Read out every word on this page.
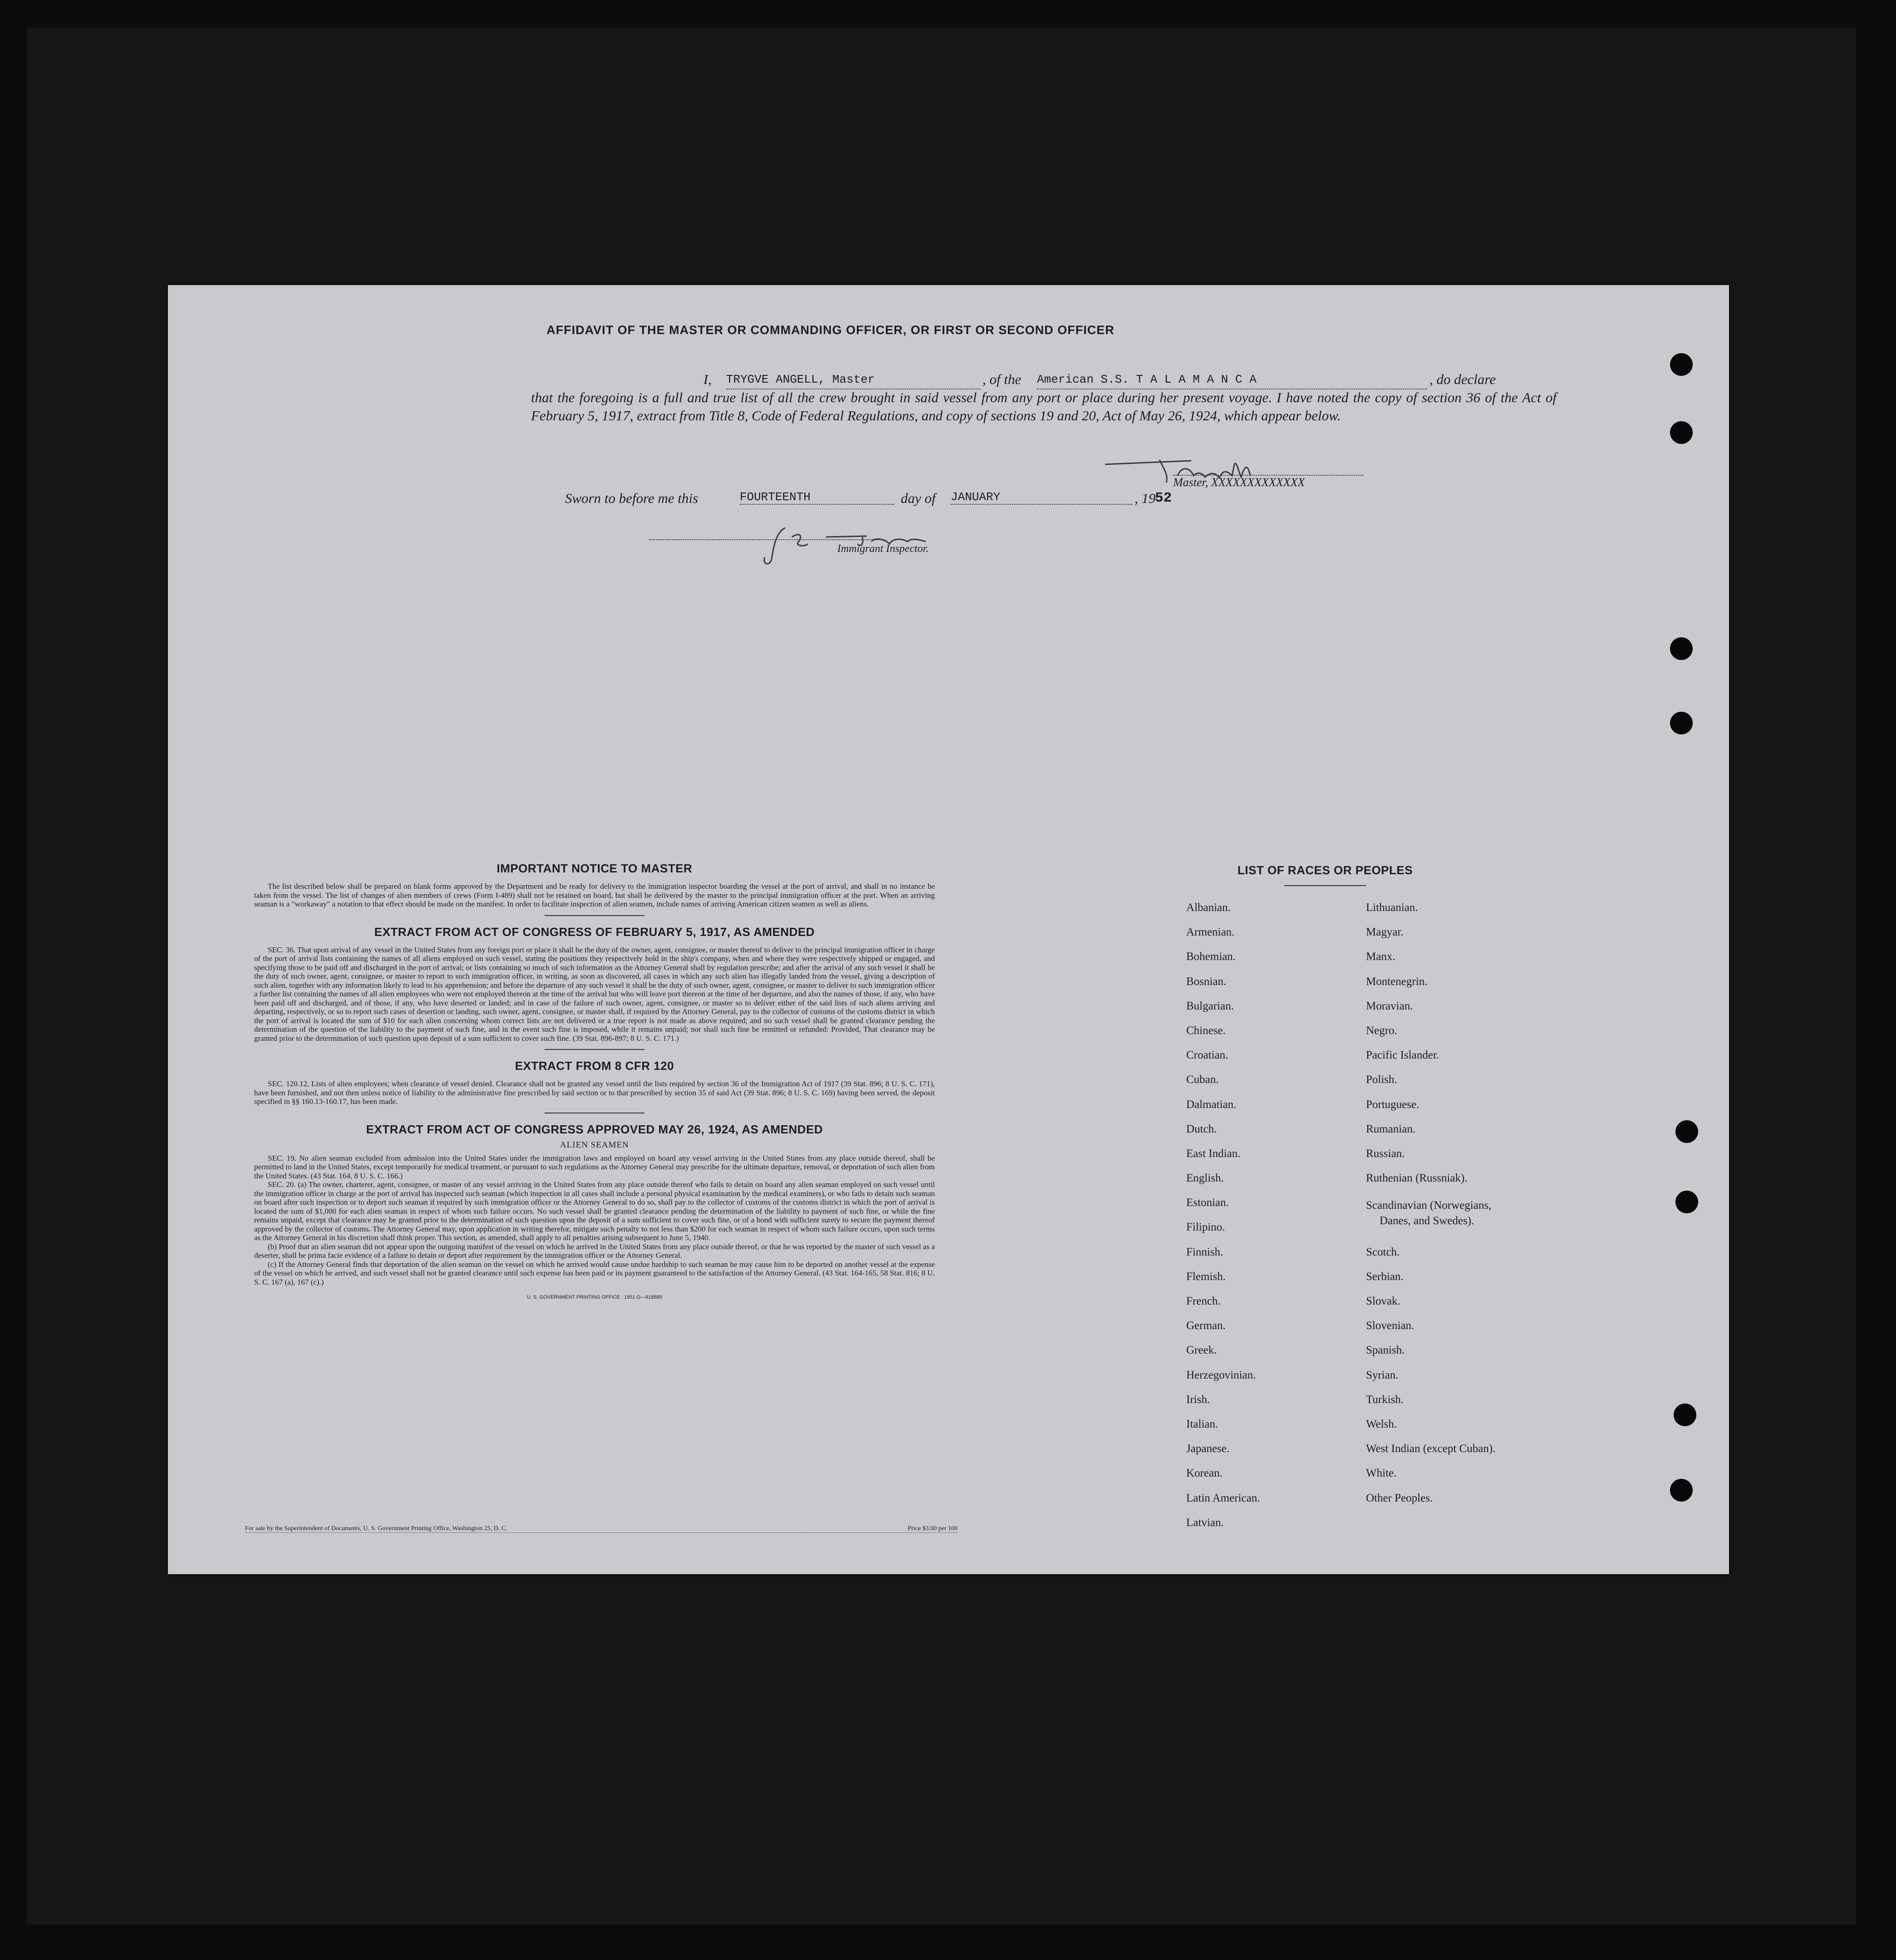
AFFIDAVIT OF THE MASTER OR COMMANDING OFFICER, OR FIRST OR SECOND OFFICER
I, TRYGVE ANGELL, Master	, of the American S.S. T A L A M A N C A	, do declare
that the foregoing is a full and true list of all the crew brought in said vessel from any port or place during her present voyage. I have noted the copy of section 36 of the Act of February 5, 1917, extract from Title 8, Code of Federal Regulations, and copy of sections 19 and 20, Act of May 26, 1924, which appear below.
Master, XXXXXXXXXXXXX
Sworn to before me this	FOURTEENTH	day of JANUARY	, 19
52
Immigrant Inspector.
IMPORTANT NOTICE TO MASTER
The list described below shall be prepared on blank forms approved by the Department and be ready for delivery to the immigration inspector boarding the vessel at the port of arrival, and shall in no instance be taken from the vessel. The list of changes of alien members of crews (Form I-489) shall not be retained on board, but shall be delivered by the master to the principal immigration officer at the port. When an arriving seaman is a "workaway" a notation to that effect should be made on the manifest. In order to facilitate inspection of alien seamen, include names of arriving American citizen seamen as well as aliens.
EXTRACT FROM ACT OF CONGRESS OF FEBRUARY 5, 1917, AS AMENDED
SEC. 36. That upon arrival of any vessel in the United States from any foreign port or place it shall be the duty of the owner, agent, consignee, or master thereof to deliver to the principal immigration officer in charge of the port of arrival lists containing the names of all aliens employed on such vessel, stating the positions they respectively hold in the ship's company, when and where they were respectively shipped or engaged, and specifying those to be paid off and discharged in the port of arrival; or lists containing so much of such information as the Attorney General shall by regulation prescribe; and after the arrival of any such vessel it shall be the duty of such owner, agent, consignee, or master to report to such immigration officer, in writing, as soon as discovered, all cases in which any such alien has illegally landed from the vessel, giving a description of such alien, together with any information likely to lead to his apprehension; and before the departure of any such vessel it shall be the duty of such owner, agent, consignee, or master to deliver to such immigration officer a further list containing the names of all alien employees who were not employed thereon at the time of the arrival but who will leave port thereon at the time of her departure, and also the names of those, if any, who have been paid off and discharged, and of those, if any, who have deserted or landed; and in case of the failure of such owner, agent, consignee, or master so to deliver either of the said lists of such aliens arriving and departing, respectively, or so to report such cases of desertion or landing, such owner, agent, consignee, or master shall, if required by the Attorney General, pay to the collector of customs of the customs district in which the port of arrival is located the sum of $10 for each alien concerning whom correct lists are not delivered or a true report is not made as above required; and no such vessel shall be granted clearance pending the determination of the question of the liability to the payment of such fine, and in the event such fine is imposed, while it remains unpaid; nor shall such fine be remitted or refunded: Provided, That clearance may be granted prior to the determination of such question upon deposit of a sum sufficient to cover such fine. (39 Stat. 896-897; 8 U. S. C. 171.)
EXTRACT FROM 8 CFR 120
SEC. 120.12. Lists of alien employees; when clearance of vessel denied. Clearance shall not be granted any vessel until the lists required by section 36 of the Immigration Act of 1917 (39 Stat. 896; 8 U. S. C. 171), have been furnished, and not then unless notice of liability to the administrative fine prescribed by said section or to that prescribed by section 35 of said Act (39 Stat. 896; 8 U. S. C. 169) having been served, the deposit specified in §§ 160.13-160.17, has been made.
EXTRACT FROM ACT OF CONGRESS APPROVED MAY 26, 1924, AS AMENDED
ALIEN SEAMEN
SEC. 19. No alien seaman excluded from admission into the United States under the immigration laws and employed on board any vessel arriving in the United States from any place outside thereof, shall be permitted to land in the United States, except temporarily for medical treatment, or pursuant to such regulations as the Attorney General may prescribe for the ultimate departure, removal, or deportation of such alien from the United States. (43 Stat. 164, 8 U. S. C. 166.)
SEC. 20. (a) The owner, charterer, agent, consignee, or master of any vessel arriving in the United States from any place outside thereof who fails to detain on board any alien seaman employed on such vessel until the immigration officer in charge at the port of arrival has inspected such seaman (which inspection in all cases shall include a personal physical examination by the medical examiners), or who fails to detain such seaman on board after such inspection or to deport such seaman if required by such immigration officer or the Attorney General to do so, shall pay to the collector of customs of the customs district in which the port of arrival is located the sum of $1,000 for each alien seaman in respect of whom such failure occurs. No such vessel shall be granted clearance pending the determination of the liability to payment of such fine, or while the fine remains unpaid, except that clearance may be granted prior to the determination of such question upon the deposit of a sum sufficient to cover such fine, or of a bond with sufficient surety to secure the payment thereof approved by the collector of customs. The Attorney General may, upon application in writing therefor, mitigate such penalty to not less than $200 for each seaman in respect of whom such failure occurs, upon such terms as the Attorney General in his discretion shall think proper. This section, as amended, shall apply to all penalties arising subsequent to June 5, 1940.
(b) Proof that an alien seaman did not appear upon the outgoing manifest of the vessel on which he arrived in the United States from any place outside thereof, or that he was reported by the master of such vessel as a deserter, shall be prima facie evidence of a failure to detain or deport after requirement by the immigration officer or the Attorney General.
(c) If the Attorney General finds that deportation of the alien seaman on the vessel on which he arrived would cause undue hardship to such seaman he may cause him to be deported on another vessel at the expense of the vessel on which he arrived, and such vessel shall not be granted clearance until such expense has been paid or its payment guaranteed to the satisfaction of the Attorney General. (43 Stat. 164-165, 58 Stat. 816; 8 U. S. C. 167 (a), 167 (c).)
U. S. GOVERNMENT PRINTING OFFICE : 1951 O—918889
For sale by the Superintendent of Documents, U. S. Government Printing Office, Washington 25, D. C.	Price $3.00 per 100
LIST OF RACES OR PEOPLES
Albanian.
Armenian.
Bohemian.
Bosnian.
Bulgarian.
Chinese.
Croatian.
Cuban.
Dalmatian.
Dutch.
East Indian.
English.
Estonian.
Filipino.
Finnish.
Flemish.
French.
German.
Greek.
Herzegovinian.
Irish.
Italian.
Japanese.
Korean.
Latin American.
Latvian.
Lithuanian.
Magyar.
Manx.
Montenegrin.
Moravian.
Negro.
Pacific Islander.
Polish.
Portuguese.
Rumanian.
Russian.
Ruthenian (Russniak).
Scandinavian (Norwegians,
Danes, and Swedes).
Scotch.
Serbian.
Slovak.
Slovenian.
Spanish.
Syrian.
Turkish.
Welsh.
West Indian (except Cuban).
White.
Other Peoples.
